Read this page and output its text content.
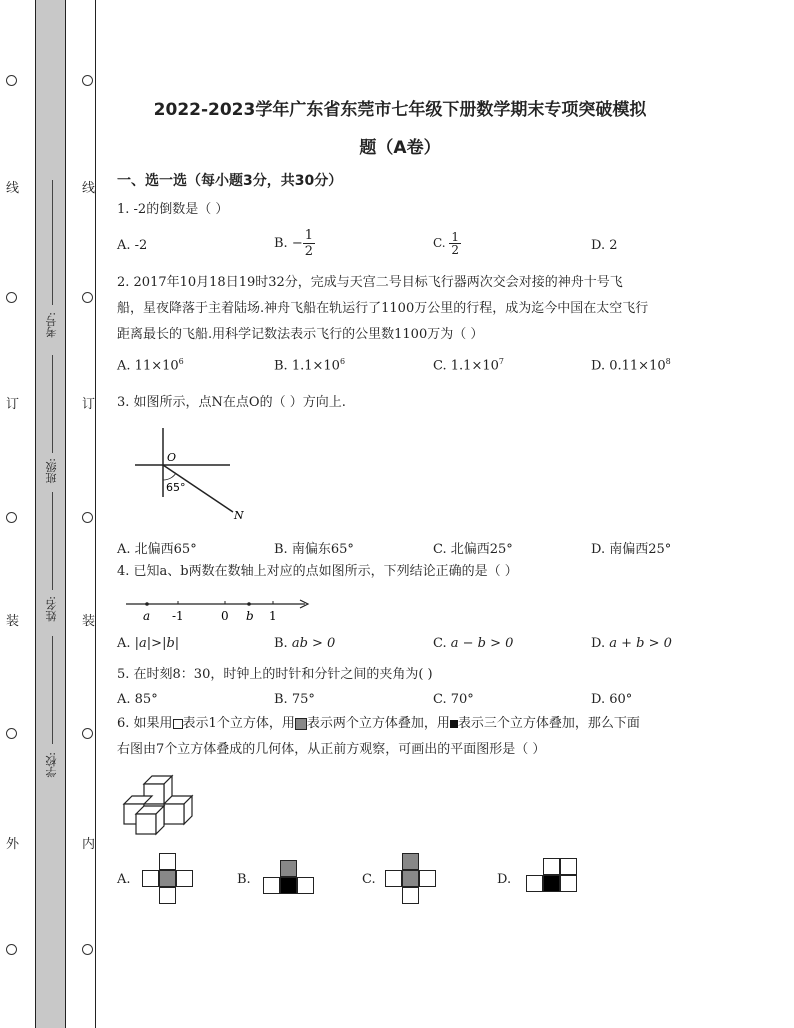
线
订
装
外
线
订
装
内
考号:
班级:
姓名:
学校:
2022-2023学年广东省东莞市七年级下册数学期末专项突破模拟
题（A卷）
一、选一选（每小题3分，共30分）
1. -2的倒数是（ ）
A. -2	B. − $\frac{1}{2}$	C. $\frac{1}{2}$	D. 2
2. 2017年10月18日19时32分，完成与天宫二号目标飞行器两次交会对接的神舟十号飞
船，星夜降落于主着陆场.神舟飞船在轨运行了1100万公里的行程，成为迄今中国在太空飞行
距离最长的飞船.用科学记数法表示飞行的公里数1100万为（ ）
A. $11\times 10^6$	B. $1.1\times 10^6$	C. $1.1\times 10^7$	D. $0.11\times 10^8$
3. 如图所示，点N在点O的（ ）方向上.
O
65°
N
A. 北偏西65°	B. 南偏东65°	C. 北偏西25°	D. 南偏西25°
4. 已知a、b两数在数轴上对应的点如图所示，下列结论正确的是（ ）
a -1	0 b 1
A. |a|>|b|	B. ab > 0	C. a − b > 0	D. a + b > 0
5. 在时刻8：30，时钟上的时针和分针之间的夹角为( )
A. 85°	B. 75°	C. 70°	D. 60°
6. 如果用 表示1个立方体，用 表示两个立方体叠加，用 表示三个立方体叠加，那么下面
右图由7个立方体叠成的几何体，从正前方观察，可画出的平面图形是（ ）
A.	B.	C.	D.
